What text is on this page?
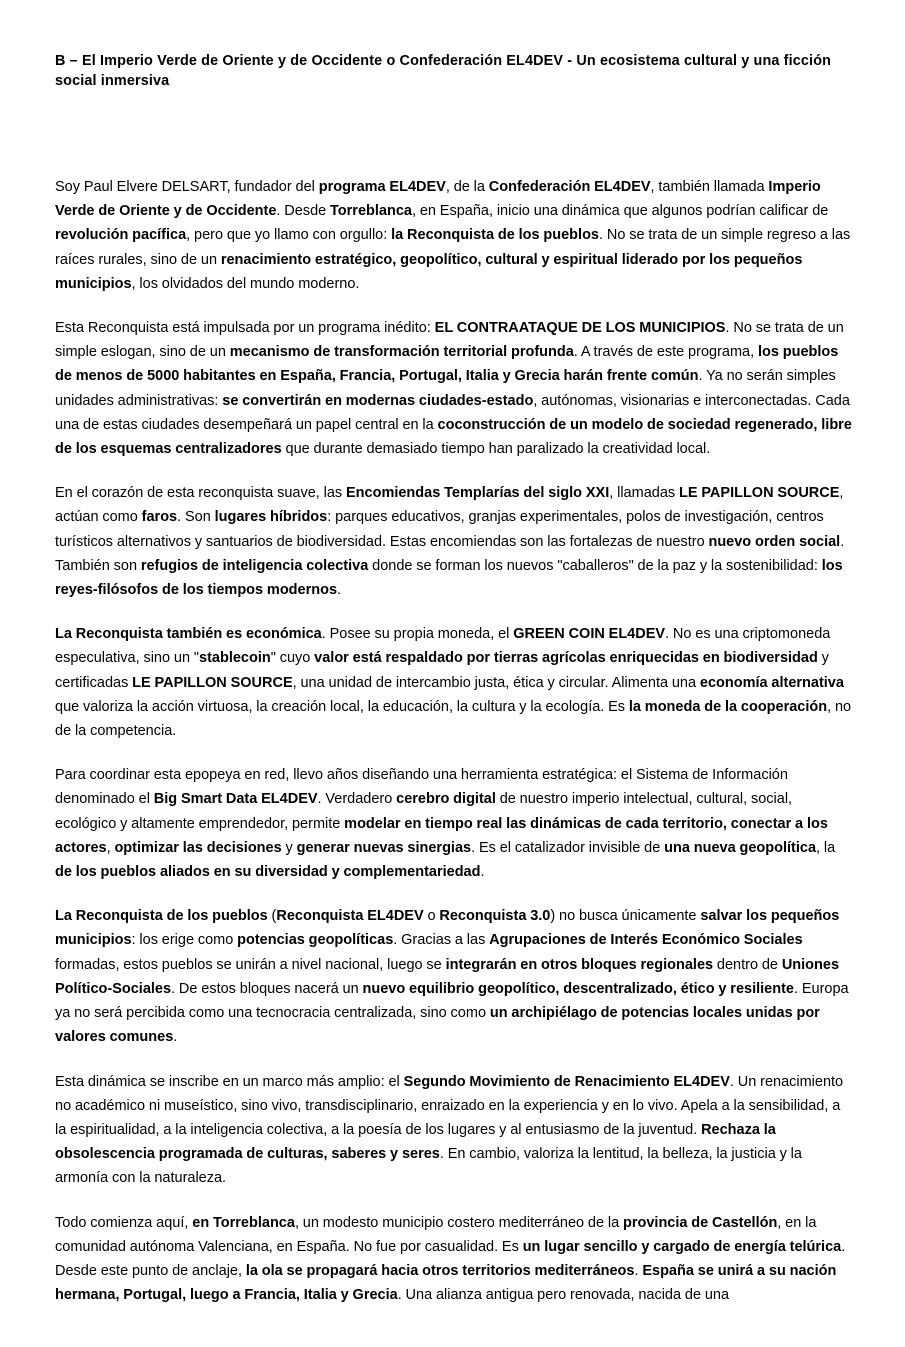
B – El Imperio Verde de Oriente y de Occidente o Confederación EL4DEV - Un ecosistema cultural y una ficción social inmersiva

Soy Paul Elvere DELSART, fundador del programa EL4DEV, de la Confederación EL4DEV, también llamada Imperio Verde de Oriente y de Occidente. Desde Torreblanca, en España, inicio una dinámica que algunos podrían calificar de revolución pacífica, pero que yo llamo con orgullo: la Reconquista de los pueblos. No se trata de un simple regreso a las raíces rurales, sino de un renacimiento estratégico, geopolítico, cultural y espiritual liderado por los pequeños municipios, los olvidados del mundo moderno.

Esta Reconquista está impulsada por un programa inédito: EL CONTRAATAQUE DE LOS MUNICIPIOS. No se trata de un simple eslogan, sino de un mecanismo de transformación territorial profunda. A través de este programa, los pueblos de menos de 5000 habitantes en España, Francia, Portugal, Italia y Grecia harán frente común. Ya no serán simples unidades administrativas: se convertirán en modernas ciudades-estado, autónomas, visionarias e interconectadas. Cada una de estas ciudades desempeñará un papel central en la coconstrucción de un modelo de sociedad regenerado, libre de los esquemas centralizadores que durante demasiado tiempo han paralizado la creatividad local.

En el corazón de esta reconquista suave, las Encomiendas Templarías del siglo XXI, llamadas LE PAPILLON SOURCE, actúan como faros. Son lugares híbridos: parques educativos, granjas experimentales, polos de investigación, centros turísticos alternativos y santuarios de biodiversidad. Estas encomiendas son las fortalezas de nuestro nuevo orden social. También son refugios de inteligencia colectiva donde se forman los nuevos "caballeros" de la paz y la sostenibilidad: los reyes-filósofos de los tiempos modernos.

La Reconquista también es económica. Posee su propia moneda, el GREEN COIN EL4DEV. No es una criptomoneda especulativa, sino un "stablecoin" cuyo valor está respaldado por tierras agrícolas enriquecidas en biodiversidad y certificadas LE PAPILLON SOURCE, una unidad de intercambio justa, ética y circular. Alimenta una economía alternativa que valoriza la acción virtuosa, la creación local, la educación, la cultura y la ecología. Es la moneda de la cooperación, no de la competencia.

Para coordinar esta epopeya en red, llevo años diseñando una herramienta estratégica: el Sistema de Información denominado el Big Smart Data EL4DEV. Verdadero cerebro digital de nuestro imperio intelectual, cultural, social, ecológico y altamente emprendedor, permite modelar en tiempo real las dinámicas de cada territorio, conectar a los actores, optimizar las decisiones y generar nuevas sinergias. Es el catalizador invisible de una nueva geopolítica, la de los pueblos aliados en su diversidad y complementariedad.

La Reconquista de los pueblos (Reconquista EL4DEV o Reconquista 3.0) no busca únicamente salvar los pequeños municipios: los erige como potencias geopolíticas. Gracias a las Agrupaciones de Interés Económico Sociales formadas, estos pueblos se unirán a nivel nacional, luego se integrarán en otros bloques regionales dentro de Uniones Político-Sociales. De estos bloques nacerá un nuevo equilibrio geopolítico, descentralizado, ético y resiliente. Europa ya no será percibida como una tecnocracia centralizada, sino como un archipiélago de potencias locales unidas por valores comunes.

Esta dinámica se inscribe en un marco más amplio: el Segundo Movimiento de Renacimiento EL4DEV. Un renacimiento no académico ni museístico, sino vivo, transdisciplinario, enraizado en la experiencia y en lo vivo. Apela a la sensibilidad, a la espiritualidad, a la inteligencia colectiva, a la poesía de los lugares y al entusiasmo de la juventud. Rechaza la obsolescencia programada de culturas, saberes y seres. En cambio, valoriza la lentitud, la belleza, la justicia y la armonía con la naturaleza.

Todo comienza aquí, en Torreblanca, un modesto municipio costero mediterráneo de la provincia de Castellón, en la comunidad autónoma Valenciana, en España. No fue por casualidad. Es un lugar sencillo y cargado de energía telúrica. Desde este punto de anclaje, la ola se propagará hacia otros territorios mediterráneos. España se unirá a su nación hermana, Portugal, luego a Francia, Italia y Grecia. Una alianza antigua pero renovada, nacida de una
